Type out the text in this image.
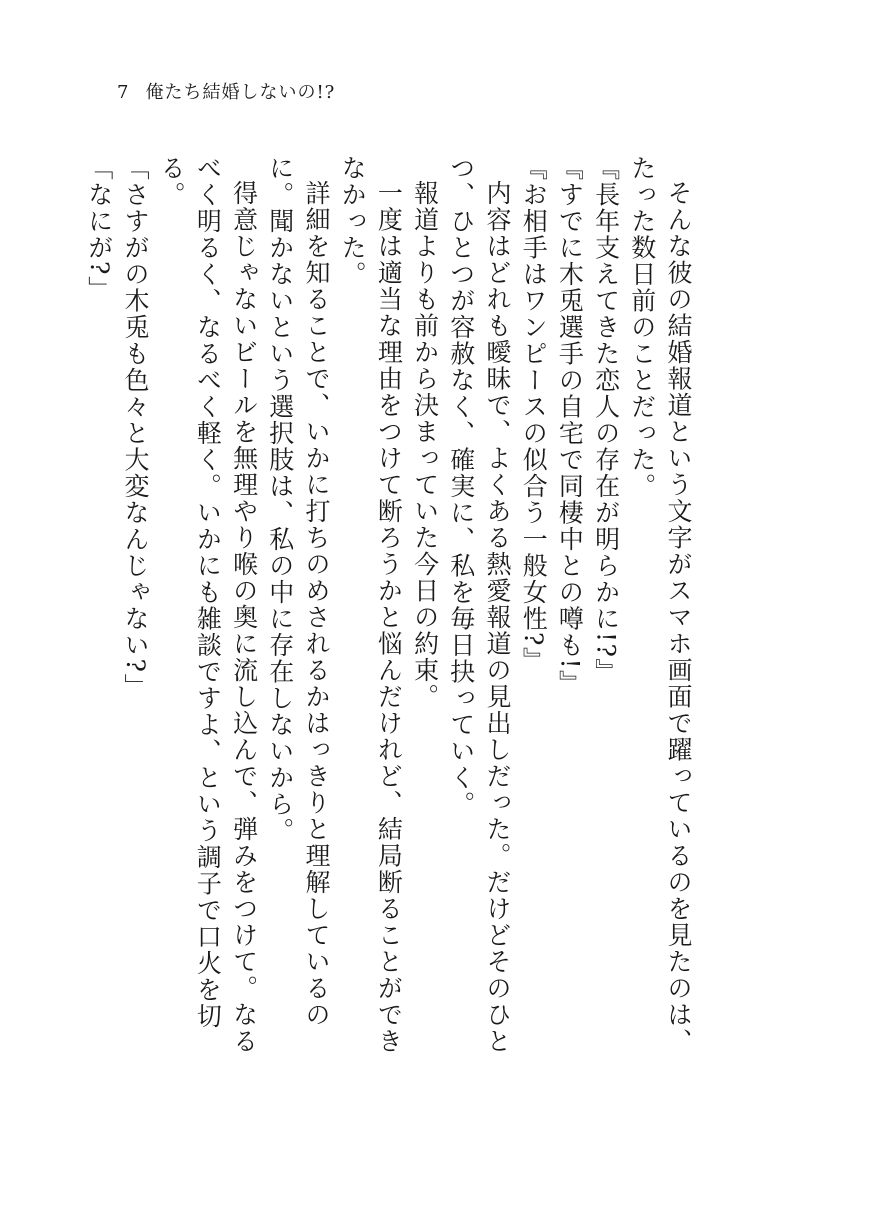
7 俺たち結婚しないの!?

そんな彼の結婚報道という文字がスマホ画面で躍っているのを見たのは、たった数日前のことだった。

『長年支えてきた恋人の存在が明らかに!?』

『すでに木兎選手の自宅で同棲中との噂も!』

『お相手はワンピースの似合う一般女性?』

内容はどれも曖昧で、よくある熱愛報道の見出しだった。だけどそのひとつ、ひとつが容赦なく、確実に、私を毎日抉っていく。

報道よりも前から決まっていた今日の約束。

一度は適当な理由をつけて断ろうかと悩んだけれど、結局断ることができなかった。

詳細を知ることで、いかに打ちのめされるかはっきりと理解しているのに。聞かないという選択肢は、私の中に存在しないから。

得意じゃないビールを無理やり喉の奥に流し込んで、弾みをつけて。なるべく明るく、なるべく軽く。いかにも雑談ですよ、という調子で口火を切る。

「さすがの木兎も色々と大変なんじゃない?」

「なにが?」
